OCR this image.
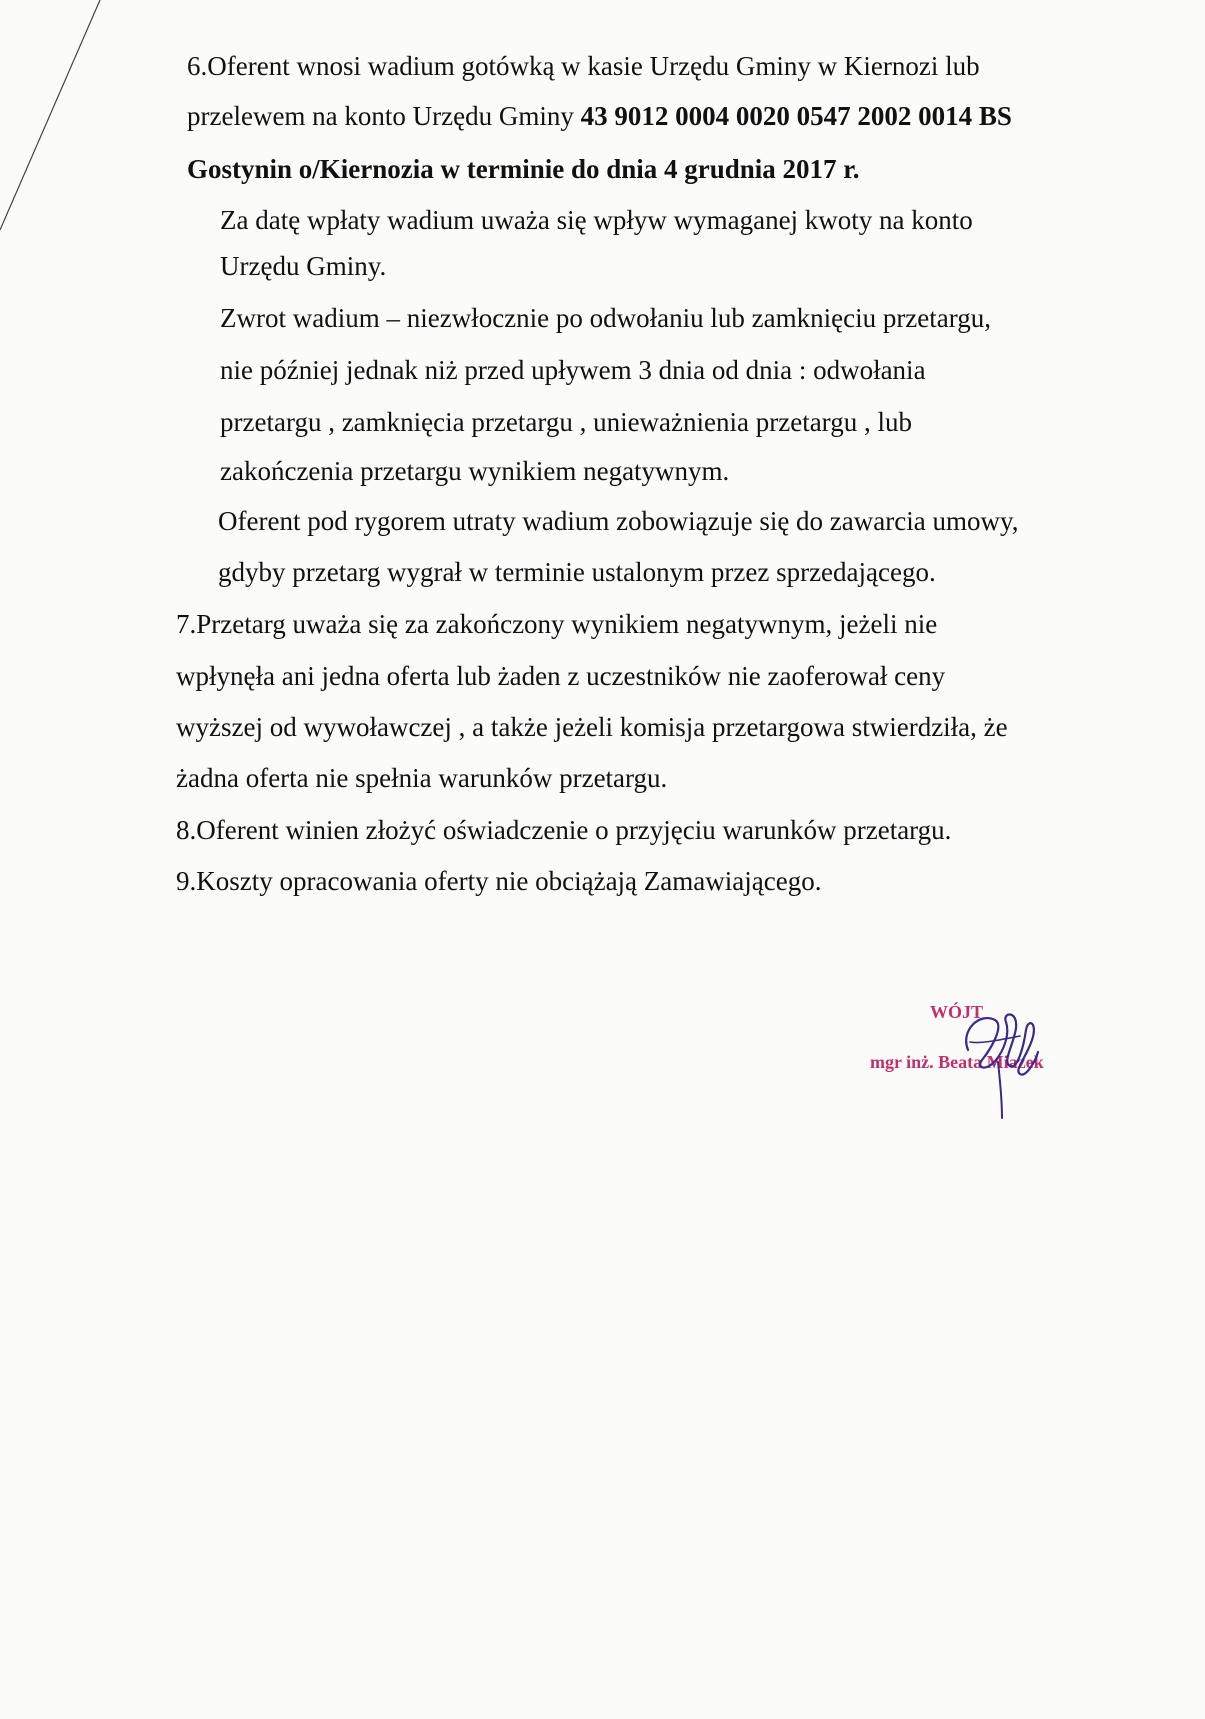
6.Oferent wnosi wadium gotówką w kasie Urzędu Gminy w Kiernozi lub
przelewem na konto Urzędu Gminy 43 9012 0004 0020 0547 2002 0014 BS
Gostynin o/Kiernozia w terminie do dnia 4 grudnia 2017 r.
Za datę wpłaty wadium uważa się wpływ wymaganej kwoty na konto
Urzędu Gminy.
Zwrot wadium – niezwłocznie po odwołaniu lub zamknięciu przetargu,
nie później jednak niż przed upływem 3 dnia od dnia : odwołania
przetargu , zamknięcia przetargu , unieważnienia przetargu , lub
zakończenia przetargu wynikiem negatywnym.
Oferent pod rygorem utraty wadium zobowiązuje się do zawarcia umowy,
gdyby przetarg wygrał w terminie ustalonym przez sprzedającego.
7.Przetarg uważa się za zakończony wynikiem negatywnym, jeżeli nie
wpłynęła ani jedna oferta lub żaden z uczestników nie zaoferował ceny
wyższej od wywoławczej , a także jeżeli komisja przetargowa stwierdziła, że
żadna oferta nie spełnia warunków przetargu.
8.Oferent winien złożyć oświadczenie o przyjęciu warunków przetargu.
9.Koszty opracowania oferty nie obciążają Zamawiającego.
WÓJT
mgr inż. Beata Miazek
